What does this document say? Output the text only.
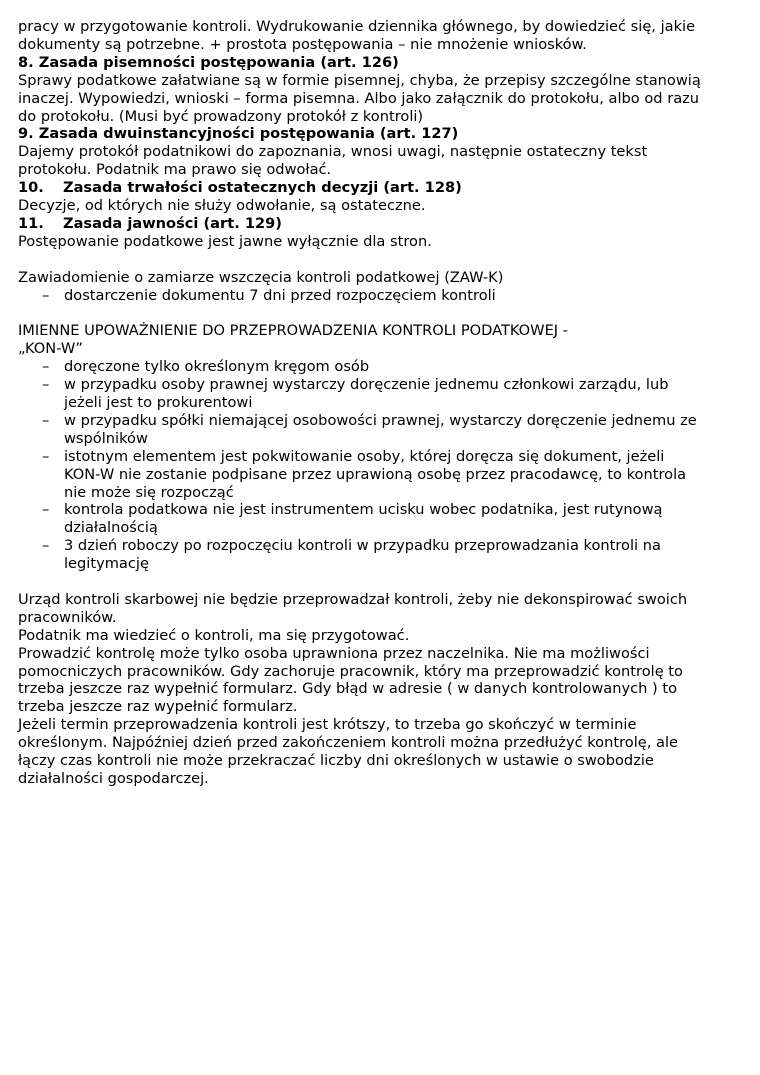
pracy w przygotowanie kontroli. Wydrukowanie dziennika głównego, by dowiedzieć się, jakie

dokumenty są potrzebne. + prostota postępowania – nie mnożenie wniosków.

8. Zasada pisemności postępowania (art. 126)

Sprawy podatkowe załatwiane są w formie pisemnej, chyba, że przepisy szczególne stanowią

inaczej. Wypowiedzi, wnioski – forma pisemna. Albo jako załącznik do protokołu, albo od razu

do protokołu. (Musi być prowadzony protokół z kontroli)

9. Zasada dwuinstancyjności postępowania (art. 127)

Dajemy protokół podatnikowi do zapoznania, wnosi uwagi, następnie ostateczny tekst

protokołu. Podatnik ma prawo się odwołać.

10. Zasada trwałości ostatecznych decyzji (art. 128)

Decyzje, od których nie służy odwołanie, są ostateczne.

11. Zasada jawności (art. 129)

Postępowanie podatkowe jest jawne wyłącznie dla stron.

Zawiadomienie o zamiarze wszczęcia kontroli podatkowej (ZAW-K)

– dostarczenie dokumentu 7 dni przed rozpoczęciem kontroli

IMIENNE UPOWAŻNIENIE DO PRZEPROWADZENIA KONTROLI PODATKOWEJ -

„KON-W”

– doręczone tylko określonym kręgom osób
– w przypadku osoby prawnej wystarczy doręczenie jednemu członkowi zarządu, lub
jeżeli jest to prokurentowi
– w przypadku spółki niemającej osobowości prawnej, wystarczy doręczenie jednemu ze
wspólników
– istotnym elementem jest pokwitowanie osoby, której doręcza się dokument, jeżeli
KON-W nie zostanie podpisane przez uprawioną osobę przez pracodawcę, to kontrola
nie może się rozpocząć
– kontrola podatkowa nie jest instrumentem ucisku wobec podatnika, jest rutynową
działalnością
– 3 dzień roboczy po rozpoczęciu kontroli w przypadku przeprowadzania kontroli na
legitymację

Urząd kontroli skarbowej nie będzie przeprowadzał kontroli, żeby nie dekonspirować swoich

pracowników.

Podatnik ma wiedzieć o kontroli, ma się przygotować.

Prowadzić kontrolę może tylko osoba uprawniona przez naczelnika. Nie ma możliwości

pomocniczych pracowników. Gdy zachoruje pracownik, który ma przeprowadzić kontrolę to

trzeba jeszcze raz wypełnić formularz. Gdy błąd w adresie ( w danych kontrolowanych ) to

trzeba jeszcze raz wypełnić formularz.

Jeżeli termin przeprowadzenia kontroli jest krótszy, to trzeba go skończyć w terminie

określonym. Najpóźniej dzień przed zakończeniem kontroli można przedłużyć kontrolę, ale

łączy czas kontroli nie może przekraczać liczby dni określonych w ustawie o swobodzie

działalności gospodarczej.
